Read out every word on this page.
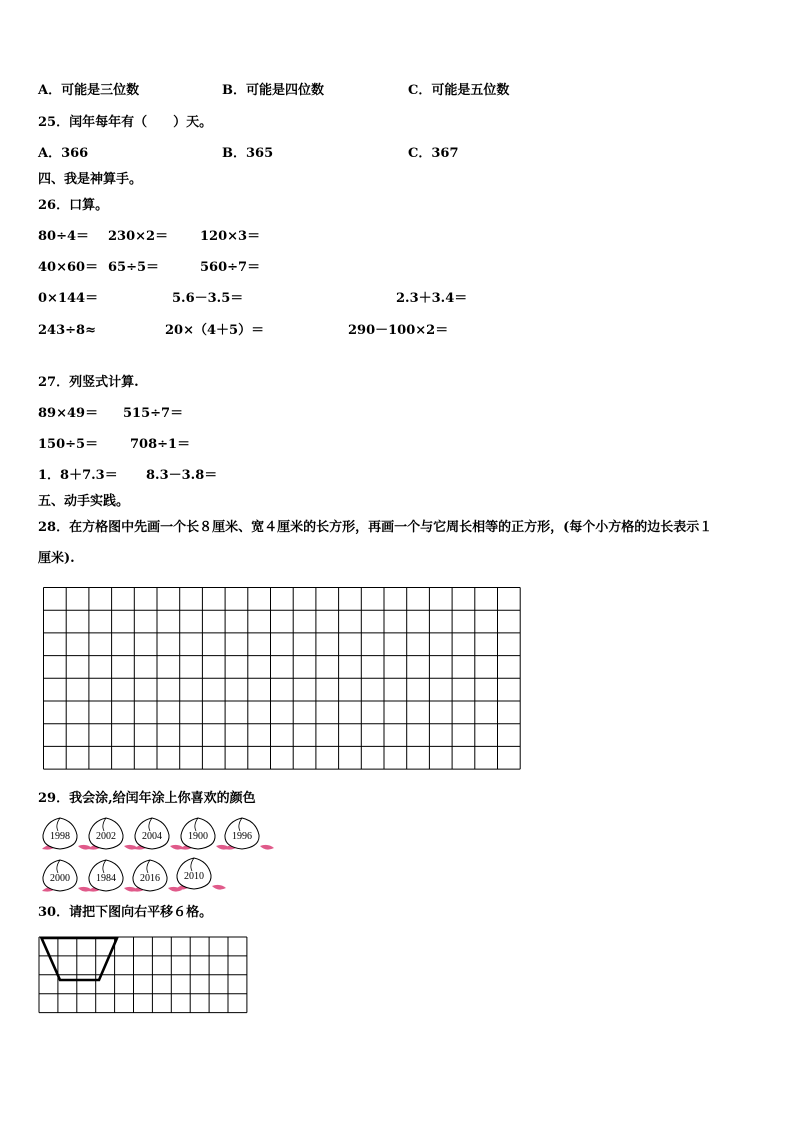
A．可能是三位数	B．可能是四位数	C．可能是五位数
25．闰年每年有（　　）天。
A．366	B．365	C．367
四、我是神算手。
26．口算。
80÷4＝ 230×2＝ 120×3＝
40×60＝ 65÷5＝	560÷7＝
0×144＝	5.6－3.5＝	2.3＋3.4＝
243÷8≈	20×（4＋5）＝	290－100×2＝
27．列竖式计算.
89×49＝ 515÷7＝
150÷5＝ 708÷1＝
1．8＋7.3＝ 8.3－3.8＝
五、动手实践。
28．在方格图中先画一个长８厘米、宽４厘米的长方形，再画一个与它周长相等的正方形，(每个小方格的边长表示１
厘米).
29．我会涂,给闰年涂上你喜欢的颜色
1998	2002	2004	1900 1996
2000	1984 2016 2010
30．请把下图向右平移６格。
